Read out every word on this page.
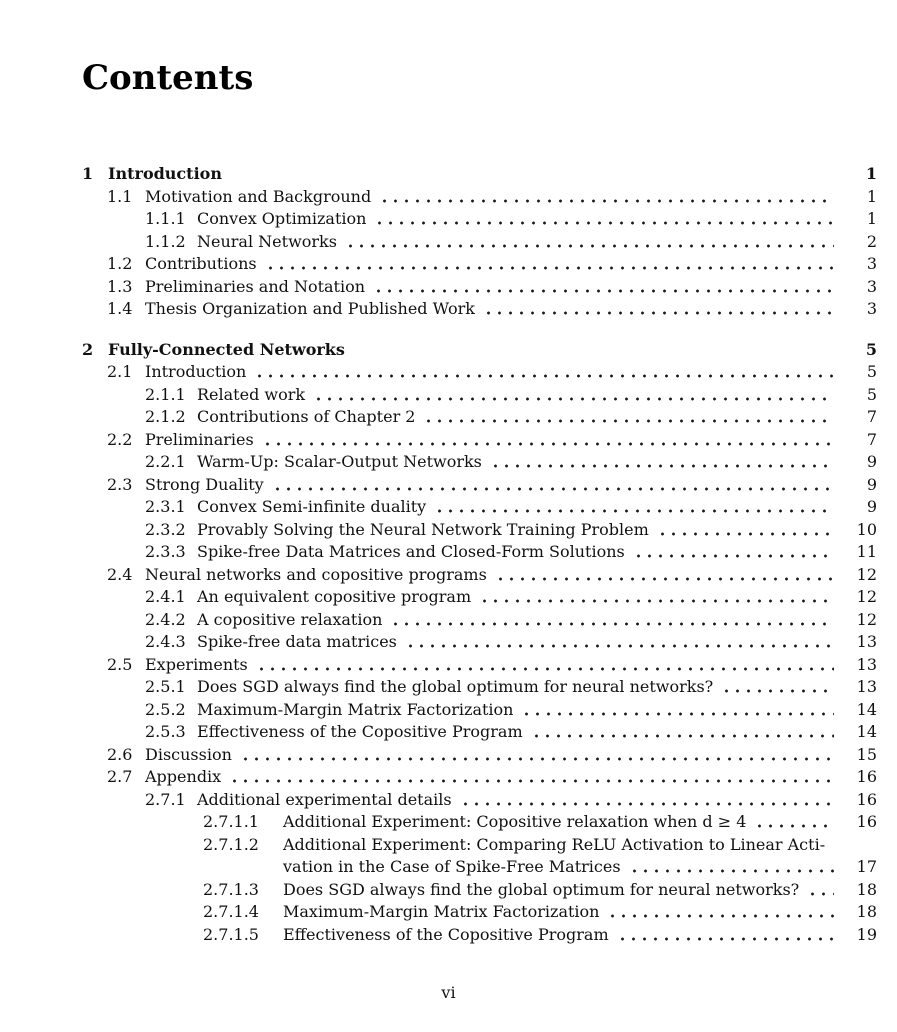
Contents
1 Introduction	1
1.1 Motivation and Background	1
1.1.1 Convex Optimization	1
1.1.2 Neural Networks	2
1.2 Contributions	3
1.3 Preliminaries and Notation	3
1.4 Thesis Organization and Published Work	3
2 Fully-Connected Networks	5
2.1 Introduction	5
2.1.1 Related work	5
2.1.2 Contributions of Chapter 2	7
2.2 Preliminaries	7
2.2.1 Warm-Up: Scalar-Output Networks	9
2.3 Strong Duality	9
2.3.1 Convex Semi-infinite duality	9
2.3.2 Provably Solving the Neural Network Training Problem	10
2.3.3 Spike-free Data Matrices and Closed-Form Solutions	11
2.4 Neural networks and copositive programs	12
2.4.1 An equivalent copositive program	12
2.4.2 A copositive relaxation	12
2.4.3 Spike-free data matrices	13
2.5 Experiments	13
2.5.1 Does SGD always find the global optimum for neural networks?	13
2.5.2 Maximum-Margin Matrix Factorization	14
2.5.3 Effectiveness of the Copositive Program	14
2.6 Discussion	15
2.7 Appendix	16
2.7.1 Additional experimental details	16
2.7.1.1	Additional Experiment: Copositive relaxation when d ≥ 4	16
2.7.1.2	Additional Experiment: Comparing ReLU Activation to Linear Acti-
vation in the Case of Spike-Free Matrices	17
2.7.1.3	Does SGD always find the global optimum for neural networks?	18
2.7.1.4	Maximum-Margin Matrix Factorization	18
2.7.1.5	Effectiveness of the Copositive Program	19
vi
